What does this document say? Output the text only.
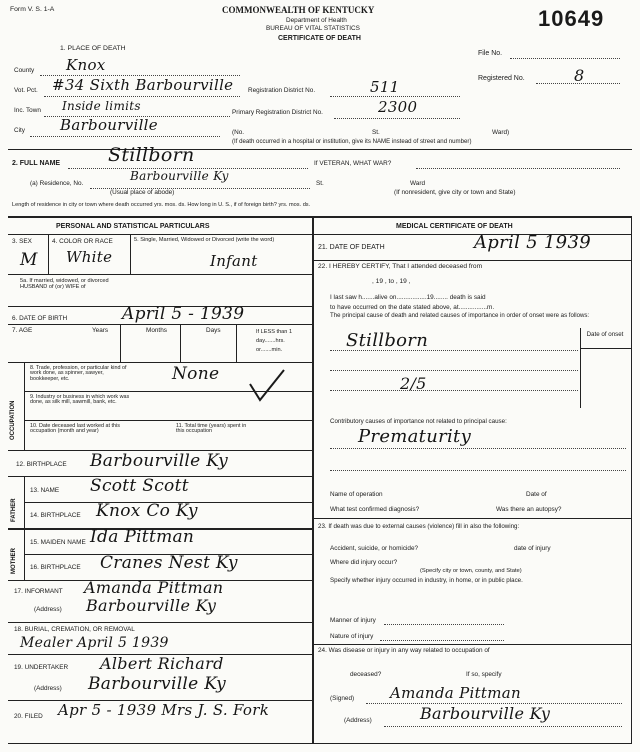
Form V. S. 1-A	COMMONWEALTH OF KENTUCKY
Department of Health
BUREAU OF VITAL STATISTICS
CERTIFICATE OF DEATH
10649
File No.
Registered No.	8
1. PLACE OF DEATH
County Knox
Vot. Pct. #34 Sixth Barbourville Registration District No.	511
Inc. Town Inside limits	Primary Registration District No.	2300
City Barbourville	(No.	St.	Ward)
(If death occurred in a hospital or institution, give its NAME instead of street and number)
2. FULL NAME	Stillborn	If VETERAN, WHAT WAR?
(a) Residence, No.
Barbourville Ky
St.	Ward
(Usual place of abode)	(If nonresident, give city or town and State)
Length of residence in city or town where death occurred yrs. mos. ds. How long in U. S., if of foreign birth? yrs. mos. ds.
PERSONAL AND STATISTICAL PARTICULARS
3. SEX
M
4. COLOR OR RACE
White
5. Single, Married, Widowed or Divorced (write the word)
Infant
5a. If married, widowed, or divorced HUSBAND of (or) WIFE of
6. DATE OF BIRTH	April 5 - 1939
7. AGE	Years	Months	Days	If LESS than 1 day.......hrs. or.......min.
OCCUPATION
8. Trade, profession, or particular kind of work done, as spinner, sawyer, bookkeeper, etc.	None
9. Industry or business in which work was done, as silk mill, sawmill, bank, etc.
10. Date deceased last worked at this occupation (month and year)
11. Total time (years) spent in this occupation
12. BIRTHPLACE Barbourville Ky
FATHER
MOTHER
13. NAME Scott Scott
14. BIRTHPLACE Knox Co Ky
15. MAIDEN NAME Ida Pittman
16. BIRTHPLACE Cranes Nest Ky
17. INFORMANT Amanda Pittman
(Address) Barbourville Ky
18. BURIAL, CREMATION, OR REMOVAL
Mealer April 5 1939
19. UNDERTAKER Albert Richard
(Address) Barbourville Ky
20. FILED Apr 5 - 1939 Mrs J. S. Fork
MEDICAL CERTIFICATE OF DEATH
21. DATE OF DEATH	April 5 1939
22. I HEREBY CERTIFY, That I attended deceased from
, 19 , to , 19 ,
I last saw h.......alive on.................19........ death is said
to have occurred on the date stated above, at................m.
The principal cause of death and related causes of importance in order of onset were as follows:
Date of onset
Stillborn
2/5
Contributory causes of importance not related to principal cause:
Prematurity
Name of operation	Date of
What test confirmed diagnosis?	Was there an autopsy?
23. If death was due to external causes (violence) fill in also the following:
Accident, suicide, or homicide?	date of injury
Where did injury occur?
(Specify city or town, county, and State)
Specify whether injury occurred in industry, in home, or in public place.
Manner of injury
Nature of injury
24. Was disease or injury in any way related to occupation of
deceased?	If so, specify
(Signed) Amanda Pittman
(Address)	Barbourville Ky
